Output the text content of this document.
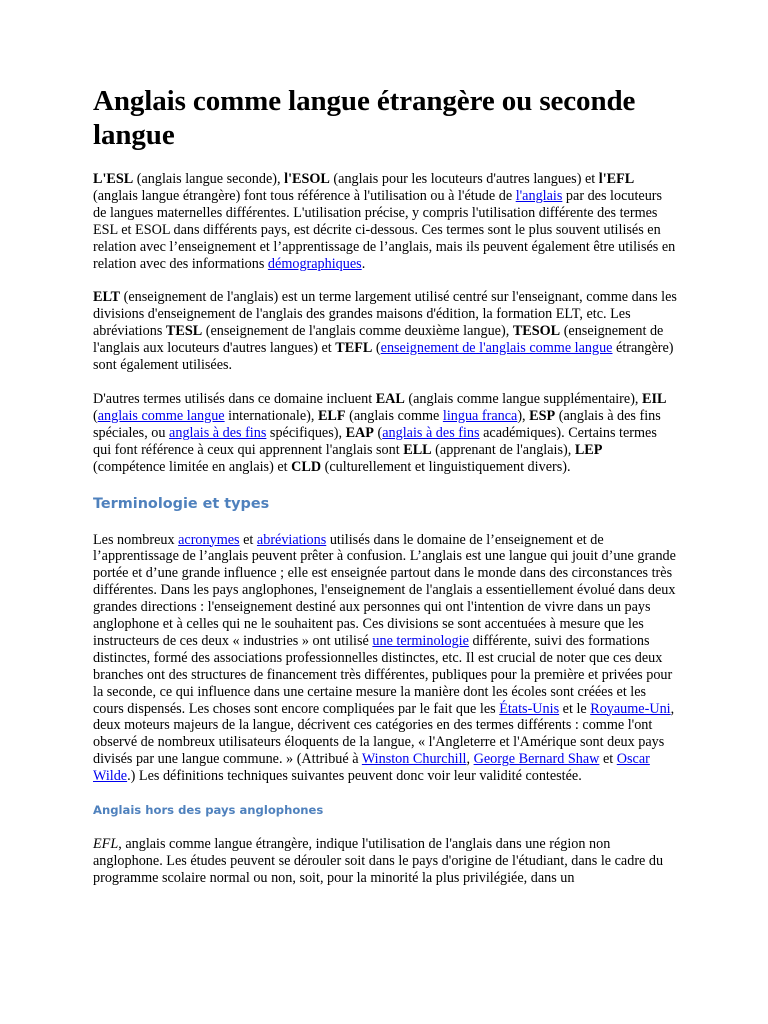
Anglais comme langue étrangère ou seconde langue

L'ESL (anglais langue seconde), l'ESOL (anglais pour les locuteurs d'autres langues) et l'EFL (anglais langue étrangère) font tous référence à l'utilisation ou à l'étude de l'anglais par des locuteurs de langues maternelles différentes. L'utilisation précise, y compris l'utilisation différente des termes ESL et ESOL dans différents pays, est décrite ci-dessous. Ces termes sont le plus souvent utilisés en relation avec l’enseignement et l’apprentissage de l’anglais, mais ils peuvent également être utilisés en relation avec des informations démographiques.

ELT (enseignement de l'anglais) est un terme largement utilisé centré sur l'enseignant, comme dans les divisions d'enseignement de l'anglais des grandes maisons d'édition, la formation ELT, etc. Les abréviations TESL (enseignement de l'anglais comme deuxième langue), TESOL (enseignement de l'anglais aux locuteurs d'autres langues) et TEFL (enseignement de l'anglais comme langue étrangère) sont également utilisées.

D'autres termes utilisés dans ce domaine incluent EAL (anglais comme langue supplémentaire), EIL (anglais comme langue internationale), ELF (anglais comme lingua franca), ESP (anglais à des fins spéciales, ou anglais à des fins spécifiques), EAP (anglais à des fins académiques). Certains termes qui font référence à ceux qui apprennent l'anglais sont ELL (apprenant de l'anglais), LEP (compétence limitée en anglais) et CLD (culturellement et linguistiquement divers).

Terminologie et types

Les nombreux acronymes et abréviations utilisés dans le domaine de l’enseignement et de l’apprentissage de l’anglais peuvent prêter à confusion. L’anglais est une langue qui jouit d’une grande portée et d’une grande influence ; elle est enseignée partout dans le monde dans des circonstances très différentes. Dans les pays anglophones, l'enseignement de l'anglais a essentiellement évolué dans deux grandes directions : l'enseignement destiné aux personnes qui ont l'intention de vivre dans un pays anglophone et à celles qui ne le souhaitent pas. Ces divisions se sont accentuées à mesure que les instructeurs de ces deux « industries » ont utilisé une terminologie différente, suivi des formations distinctes, formé des associations professionnelles distinctes, etc. Il est crucial de noter que ces deux branches ont des structures de financement très différentes, publiques pour la première et privées pour la seconde, ce qui influence dans une certaine mesure la manière dont les écoles sont créées et les cours dispensés. Les choses sont encore compliquées par le fait que les États-Unis et le Royaume-Uni, deux moteurs majeurs de la langue, décrivent ces catégories en des termes différents : comme l'ont observé de nombreux utilisateurs éloquents de la langue, « l'Angleterre et l'Amérique sont deux pays divisés par une langue commune. » (Attribué à Winston Churchill, George Bernard Shaw et Oscar Wilde.) Les définitions techniques suivantes peuvent donc voir leur validité contestée.

Anglais hors des pays anglophones

EFL, anglais comme langue étrangère, indique l'utilisation de l'anglais dans une région non anglophone. Les études peuvent se dérouler soit dans le pays d'origine de l'étudiant, dans le cadre du programme scolaire normal ou non, soit, pour la minorité la plus privilégiée, dans un
